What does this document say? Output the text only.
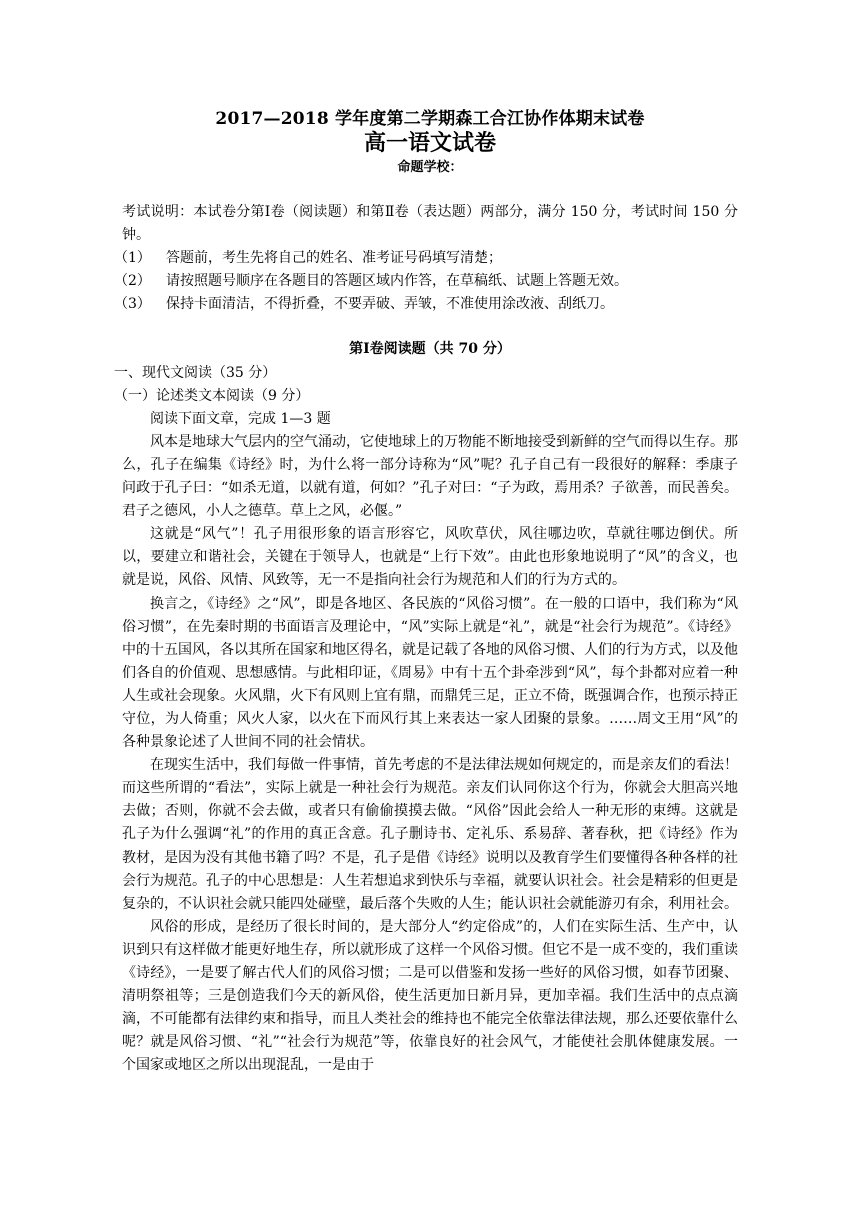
2017—2018 学年度第二学期森工合江协作体期末试卷
高一语文试卷
命题学校：

考试说明：本试卷分第Ⅰ卷（阅读题）和第Ⅱ卷（表达题）两部分，满分 150 分，考试时间 150 分钟。

（1）	答题前，考生先将自己的姓名、准考证号码填写清楚；
（2）	请按照题号顺序在各题目的答题区域内作答，在草稿纸、试题上答题无效。
（3）	保持卡面清洁，不得折叠，不要弄破、弄皱，不准使用涂改液、刮纸刀。

第Ⅰ卷阅读题（共 70 分）

一、现代文阅读（35 分）

（一）论述类文本阅读（9 分）

阅读下面文章，完成 1—3 题

风本是地球大气层内的空气涌动，它使地球上的万物能不断地接受到新鲜的空气而得以生存。那么，孔子在编集《诗经》时，为什么将一部分诗称为“风”呢？孔子自己有一段很好的解释：季康子问政于孔子曰：“如杀无道，以就有道，何如？”孔子对曰：“子为政，焉用杀？子欲善，而民善矣。君子之德风，小人之德草。草上之风，必偃。”

这就是“风气”！孔子用很形象的语言形容它，风吹草伏，风往哪边吹，草就往哪边倒伏。所以，要建立和谐社会，关键在于领导人，也就是“上行下效”。由此也形象地说明了“风”的含义，也就是说，风俗、风情、风致等，无一不是指向社会行为规范和人们的行为方式的。

换言之，《诗经》之“风”，即是各地区、各民族的“风俗习惯”。在一般的口语中，我们称为“风俗习惯”，在先秦时期的书面语言及理论中，“风”实际上就是“礼”，就是“社会行为规范”。《诗经》中的十五国风，各以其所在国家和地区得名，就是记载了各地的风俗习惯、人们的行为方式，以及他们各自的价值观、思想感情。与此相印证，《周易》中有十五个卦牵涉到“风”，每个卦都对应着一种人生或社会现象。火风鼎，火下有风则上宜有鼎，而鼎凭三足，正立不倚，既强调合作，也预示持正守位，为人倚重；风火人家，以火在下而风行其上来表达一家人团聚的景象。……周文王用“风”的各种景象论述了人世间不同的社会情状。

在现实生活中，我们每做一件事情，首先考虑的不是法律法规如何规定的，而是亲友们的看法！而这些所谓的“看法”，实际上就是一种社会行为规范。亲友们认同你这个行为，你就会大胆高兴地去做；否则，你就不会去做，或者只有偷偷摸摸去做。“风俗”因此会给人一种无形的束缚。这就是孔子为什么强调“礼”的作用的真正含意。孔子删诗书、定礼乐、系易辞、著春秋，把《诗经》作为教材，是因为没有其他书籍了吗？不是，孔子是借《诗经》说明以及教育学生们要懂得各种各样的社会行为规范。孔子的中心思想是：人生若想追求到快乐与幸福，就要认识社会。社会是精彩的但更是复杂的，不认识社会就只能四处碰壁，最后落个失败的人生；能认识社会就能游刃有余，利用社会。

风俗的形成，是经历了很长时间的，是大部分人“约定俗成”的，人们在实际生活、生产中，认识到只有这样做才能更好地生存，所以就形成了这样一个风俗习惯。但它不是一成不变的，我们重读《诗经》，一是要了解古代人们的风俗习惯；二是可以借鉴和发扬一些好的风俗习惯，如春节团聚、清明祭祖等；三是创造我们今天的新风俗，使生活更加日新月异，更加幸福。我们生活中的点点滴滴，不可能都有法律约束和指导，而且人类社会的维持也不能完全依靠法律法规，那么还要依靠什么呢？就是风俗习惯、“礼”“社会行为规范”等，依靠良好的社会风气，才能使社会肌体健康发展。一个国家或地区之所以出现混乱，一是由于
